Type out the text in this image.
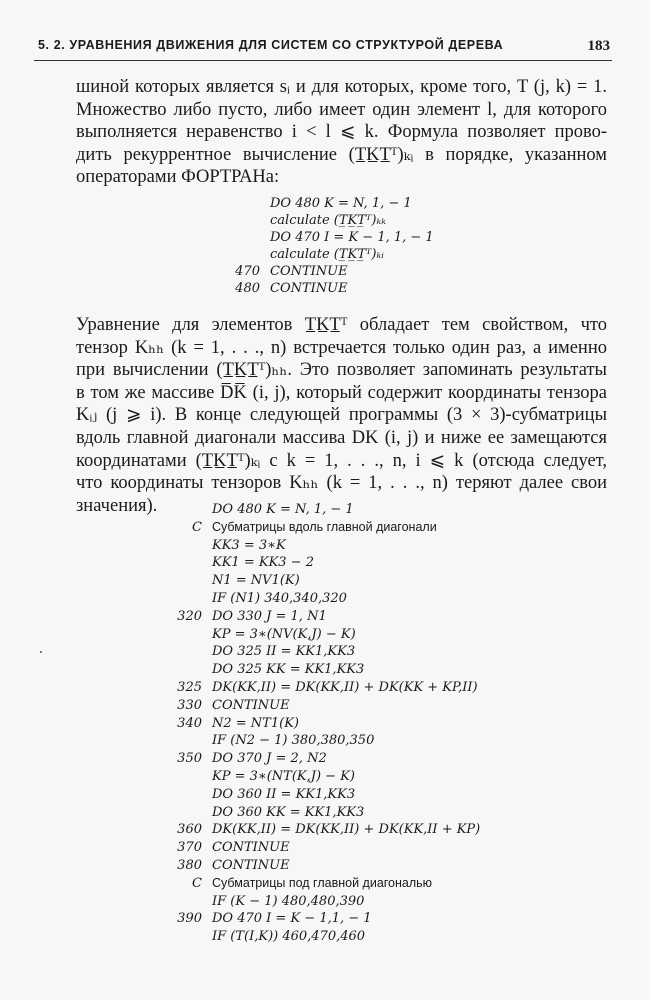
5. 2. УРАВНЕНИЯ ДВИЖЕНИЯ ДЛЯ СИСТЕМ СО СТРУКТУРОЙ ДЕРЕВА	183
шиной которых является sᵢ и для которых, кроме того, T (j, k) = 1.
Множество либо пусто, либо имеет один элемент l, для которого
выполняется неравенство i < l ⩽ k. Формула позволяет прово-
дить рекуррентное вычисление (T̲K̲T̲ᵀ)ₖᵢ в порядке, указанном
операторами ФОРТРАНа:
DO 480 K = N, 1, − 1
calculate (T̲K̲T̲ᵀ)ₖₖ
DO 470 I = K − 1, 1, − 1
calculate (T̲K̲T̲ᵀ)ₖᵢ
470 CONTINUE
480 CONTINUE
Уравнение для элементов T̲K̲T̲ᵀ обладает тем свойством, что
тензор Kₕₕ (k = 1, . . ., n) встречается только один раз, а именно
при вычислении (T̲K̲T̲ᵀ)ₕₕ. Это позволяет запоминать результаты
в том же массиве D̅K̅ (i, j), который содержит координаты тензора
Kᵢⱼ (j ⩾ i). В конце следующей программы (3 × 3)-субматрицы
вдоль главной диагонали массива DK (i, j) и ниже ее замещаются
координатами (T̲K̲T̲ᵀ)ₖᵢ с k = 1, . . ., n, i ⩽ k (отсюда следует,
что координаты тензоров Kₕₕ (k = 1, . . ., n) теряют далее свои
значения).	DO 480 K = N, 1, − 1
C Субматрицы вдоль главной диагонали
KK3 = 3∗K
KK1 = KK3 − 2
N1 = NV1(K)
IF (N1) 340,340,320
320 DO 330 J = 1, N1
KP = 3∗(NV(K,J) − K)
DO 325 II = KK1,KK3
DO 325 KK = KK1,KK3
325 DK(KK,II) = DK(KK,II) + DK(KK + KP,II)
330 CONTINUE
340 N2 = NT1(K)
IF (N2 − 1) 380,380,350
350 DO 370 J = 2, N2
KP = 3∗(NT(K,J) − K)
DO 360 II = KK1,KK3
DO 360 KK = KK1,KK3
360 DK(KK,II) = DK(KK,II) + DK(KK,II + KP)
370 CONTINUE
380 CONTINUE
C Субматрицы под главной диагональю
IF (K − 1) 480,480,390
390 DO 470 I = K − 1,1, − 1
IF (T(I,K)) 460,470,460
